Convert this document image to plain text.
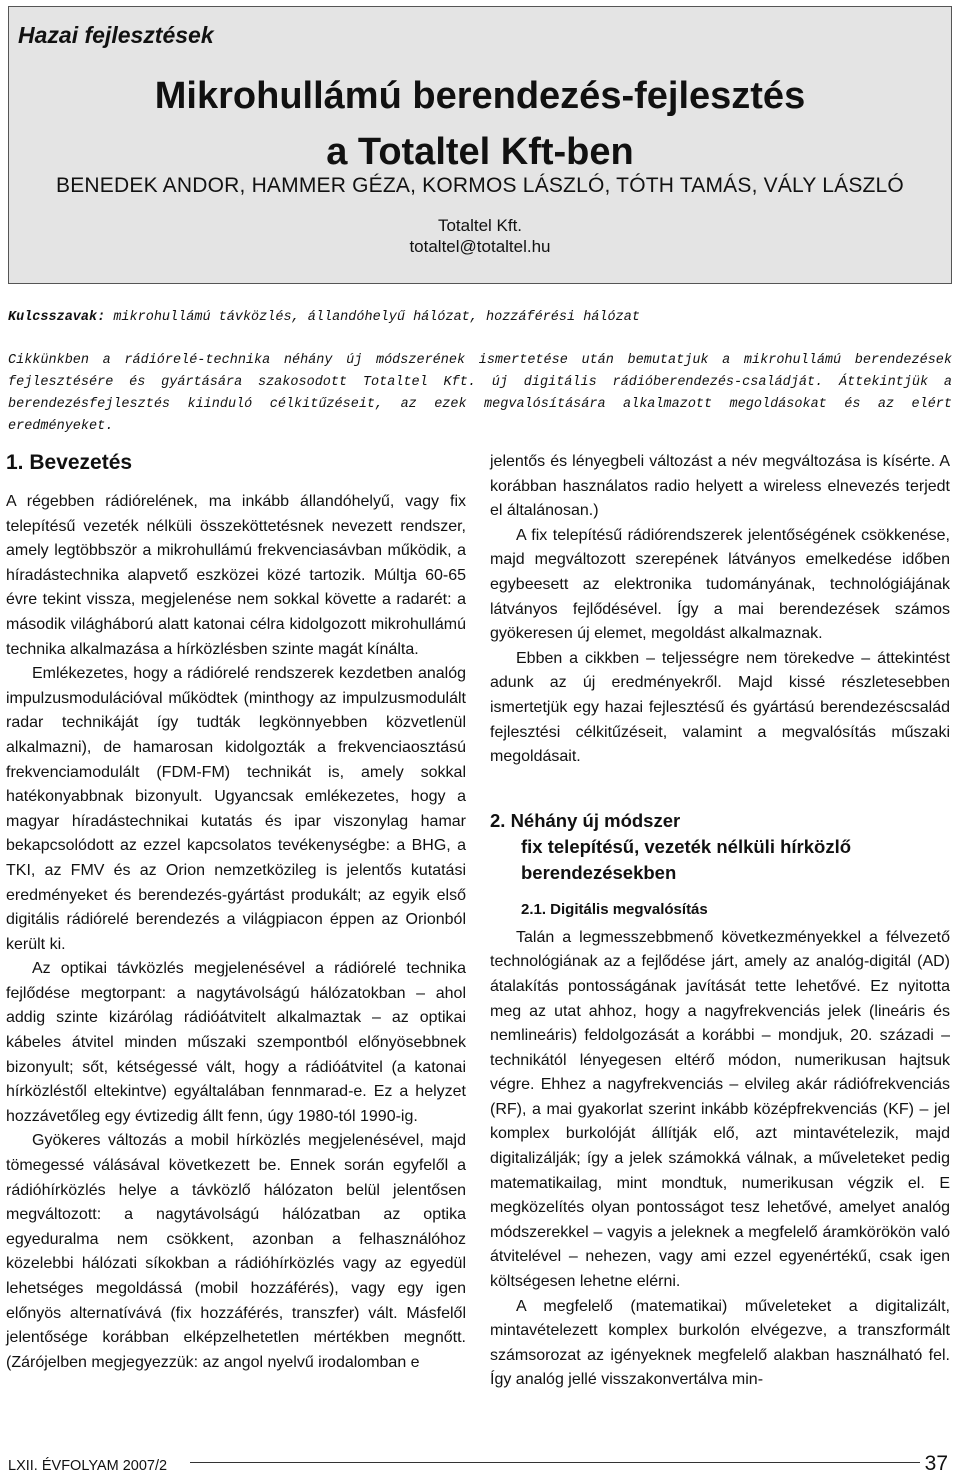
Hazai fejlesztések
Mikrohullámú berendezés-fejlesztés
a Totaltel Kft-ben
BENEDEK ANDOR, HAMMER GÉZA, KORMOS LÁSZLÓ, TÓTH TAMÁS, VÁLY LÁSZLÓ
Totaltel Kft.
totaltel@totaltel.hu
Kulcsszavak: mikrohullámú távközlés, állandóhelyű hálózat, hozzáférési hálózat
Cikkünkben a rádiórelé-technika néhány új módszerének ismertetése után bemutatjuk a mikrohullámú berendezések fejlesztésére és gyártására szakosodott Totaltel Kft. új digitális rádióberendezés-családját. Áttekintjük a berendezésfejlesztés kiinduló célkitűzéseit, az ezek megvalósítására alkalmazott megoldásokat és az elért eredményeket.
1. Bevezetés

A régebben rádiórelének, ma inkább állandóhelyű, vagy fix telepítésű vezeték nélküli összeköttetésnek nevezett rendszer, amely legtöbbször a mikrohullámú frekvenciasávban működik, a híradástechnika alapvető eszközei közé tartozik. Múltja 60-65 évre tekint vissza, megjelenése nem sokkal követte a radarét: a második világháború alatt katonai célra kidolgozott mikrohullámú technika alkalmazása a hírközlésben szinte magát kínálta.

Emlékezetes, hogy a rádiórelé rendszerek kezdetben analóg impulzusmodulációval működtek (minthogy az impulzusmodulált radar technikáját így tudták legkönnyebben közvetlenül alkalmazni), de hamarosan kidolgozták a frekvenciaosztású frekvenciamodulált (FDM-FM) technikát is, amely sokkal hatékonyabbnak bizonyult. Ugyancsak emlékezetes, hogy a magyar híradástechnikai kutatás és ipar viszonylag hamar bekapcsolódott az ezzel kapcsolatos tevékenységbe: a BHG, a TKI, az FMV és az Orion nemzetközileg is jelentős kutatási eredményeket és berendezés-gyártást produkált; az egyik első digitális rádiórelé berendezés a világpiacon éppen az Orionból került ki.

Az optikai távközlés megjelenésével a rádiórelé technika fejlődése megtorpant: a nagytávolságú hálózatokban – ahol addig szinte kizárólag rádióátvitelt alkalmaztak – az optikai kábeles átvitel minden műszaki szempontból előnyösebbnek bizonyult; sőt, kétségessé vált, hogy a rádióátvitel (a katonai hírközléstől eltekintve) egyáltalában fennmarad-e. Ez a helyzet hozzávetőleg egy évtizedig állt fenn, úgy 1980-tól 1990-ig.

Gyökeres változás a mobil hírközlés megjelenésével, majd tömegessé válásával következett be. Ennek során egyfelől a rádióhírközlés helye a távközlő hálózaton belül jelentősen megváltozott: a nagytávolságú hálózatban az optika egyeduralma nem csökkent, azonban a felhasználóhoz közelebbi hálózati síkokban a rádióhírközlés vagy az egyedül lehetséges megoldássá (mobil hozzáférés), vagy egy igen előnyös alternatívává (fix hozzáférés, transzfer) vált. Másfelől jelentősége korábban elképzelhetetlen mértékben megnőtt. (Zárójelben megjegyezzük: az angol nyelvű irodalomban e

jelentős és lényegbeli változást a név megváltozása is kísérte. A korábban használatos radio helyett a wireless elnevezés terjedt el általánosan.)

A fix telepítésű rádiórendszerek jelentőségének csökkenése, majd megváltozott szerepének látványos emelkedése időben egybeesett az elektronika tudományának, technológiájának látványos fejlődésével. Így a mai berendezések számos gyökeresen új elemet, megoldást alkalmaznak.

Ebben a cikkben – teljességre nem törekedve – áttekintést adunk az új eredményekről. Majd kissé részletesebben ismertetjük egy hazai fejlesztésű és gyártású berendezéscsalád fejlesztési célkitűzéseit, valamint a megvalósítás műszaki megoldásait.

2. Néhány új módszer
fix telepítésű, vezeték nélküli hírközlő
berendezésekben
2.1. Digitális megvalósítás

Talán a legmesszebbmenő következményekkel a félvezető technológiának az a fejlődése járt, amely az analóg-digitál (AD) átalakítás pontosságának javítását tette lehetővé. Ez nyitotta meg az utat ahhoz, hogy a nagyfrekvenciás jelek (lineáris és nemlineáris) feldolgozását a korábbi – mondjuk, 20. századi – technikától lényegesen eltérő módon, numerikusan hajtsuk végre. Ehhez a nagyfrekvenciás – elvileg akár rádiófrekvenciás (RF), a mai gyakorlat szerint inkább középfrekvenciás (KF) – jel komplex burkolóját állítják elő, azt mintavételezik, majd digitalizálják; így a jelek számokká válnak, a műveleteket pedig matematikailag, mint mondtuk, numerikusan végzik el. E megközelítés olyan pontosságot tesz lehetővé, amelyet analóg módszerekkel – vagyis a jeleknek a megfelelő áramkörökön való átvitelével – nehezen, vagy ami ezzel egyenértékű, csak igen költségesen lehetne elérni.

A megfelelő (matematikai) műveleteket a digitalizált, mintavételezett komplex burkolón elvégezve, a transzformált számsorozat az igényeknek megfelelő alakban használható fel. Így analóg jellé visszakonvertálva min-

LXII. ÉVFOLYAM 2007/2	37
